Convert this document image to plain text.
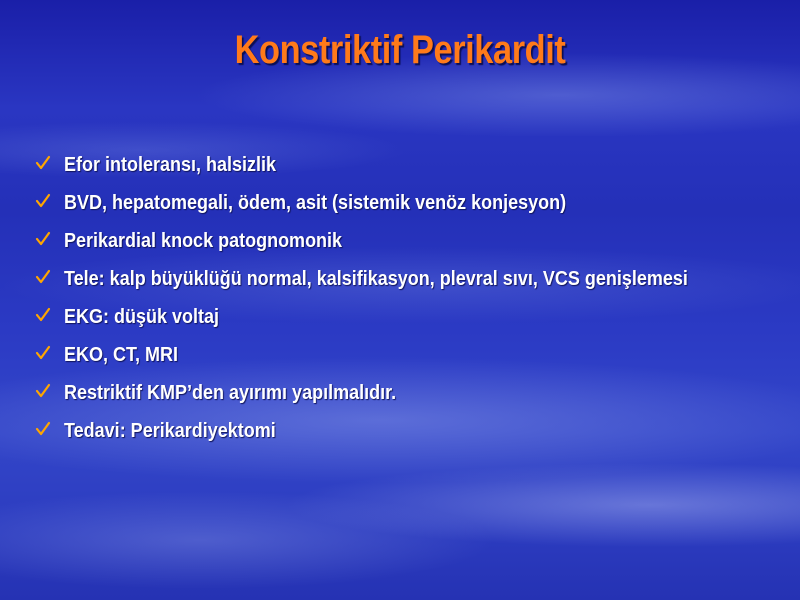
Konstriktif Perikardit
Efor intoleransı, halsizlik
BVD, hepatomegali, ödem, asit (sistemik venöz konjesyon)
Perikardial knock patognomonik
Tele: kalp büyüklüğü normal, kalsifikasyon, plevral sıvı, VCS genişlemesi
EKG: düşük voltaj
EKO, CT, MRI
Restriktif KMP’den ayırımı yapılmalıdır.
Tedavi: Perikardiyektomi
